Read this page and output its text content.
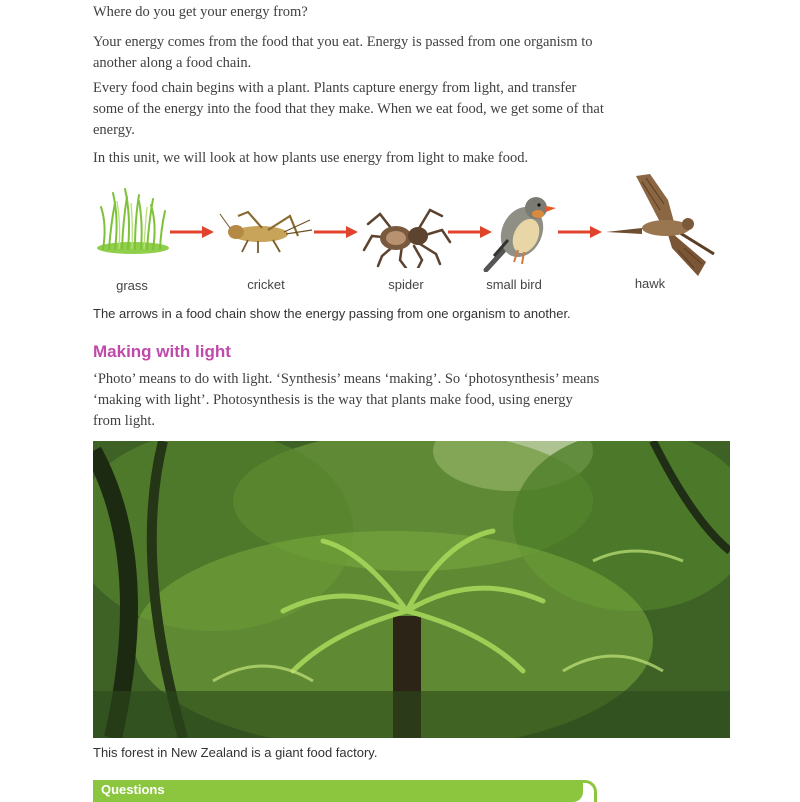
Where do you get your energy from?

Your energy comes from the food that you eat. Energy is passed from one organism to another along a food chain.

Every food chain begins with a plant. Plants capture energy from light, and transfer some of the energy into the food that they make. When we eat food, we get some of that energy.

In this unit, we will look at how plants use energy from light to make food.

grass	cricket	spider	small bird	hawk

The arrows in a food chain show the energy passing from one organism to another.

Making with light

‘Photo’ means to do with light. ‘Synthesis’ means ‘making’. So ‘photosynthesis’ means ‘making with light’. Photosynthesis is the way that plants make food, using energy from light.

This forest in New Zealand is a giant food factory.

Questions
